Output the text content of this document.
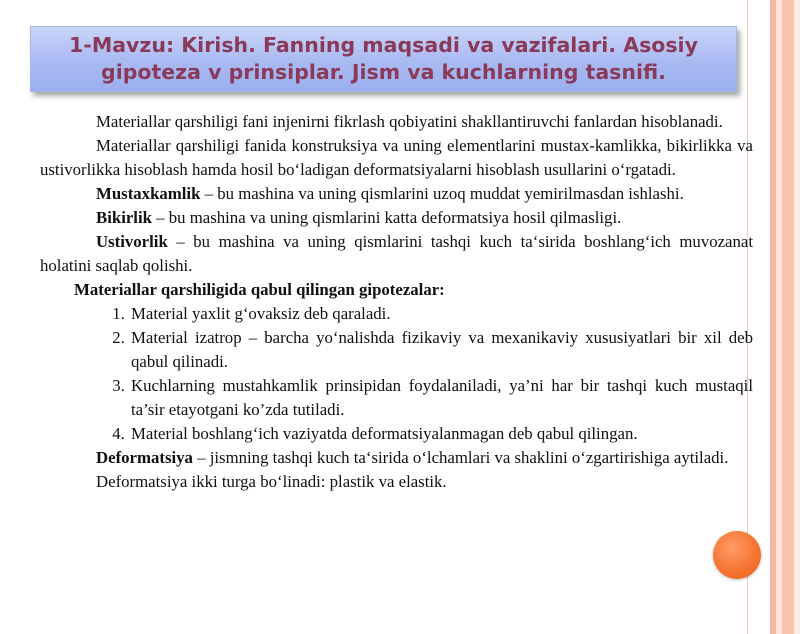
1-Mavzu: Kirish. Fanning maqsadi va vazifalari. Asosiy gipoteza v prinsiplar. Jism va kuchlarning tasnifi.

Materiallar qarshiligi fani injenirni fikrlash qobiyatini shakllantiruvchi fanlardan hisoblanadi.

Materiallar qarshiligi fanida konstruksiya va uning elementlarini mustax-kamlikka, bikirlikka va ustivorlikka hisoblash hamda hosil bo‘ladigan deformatsiyalarni hisoblash usullarini o‘rgatadi.

Mustaxkamlik – bu mashina va uning qismlarini uzoq muddat yemirilmasdan ishlashi.

Bikirlik – bu mashina va uning qismlarini katta deformatsiya hosil qilmasligi.

Ustivorlik – bu mashina va uning qismlarini tashqi kuch ta‘sirida boshlang‘ich muvozanat holatini saqlab qolishi.

Materiallar qarshiligida qabul qilingan gipotezalar:

1. Material yaxlit g‘ovaksiz deb qaraladi.
2. Material izatrop – barcha yo‘nalishda fizikaviy va mexanikaviy xususiyatlari bir xil deb qabul qilinadi.
3. Kuchlarning mustahkamlik prinsipidan foydalaniladi, ya’ni har bir tashqi kuch mustaqil ta’sir etayotgani ko’zda tutiladi.
4. Material boshlang‘ich vaziyatda deformatsiyalanmagan deb qabul qilingan.

Deformatsiya – jismning tashqi kuch ta‘sirida o‘lchamlari va shaklini o‘zgartirishiga aytiladi.

Deformatsiya ikki turga bo‘linadi: plastik va elastik.
